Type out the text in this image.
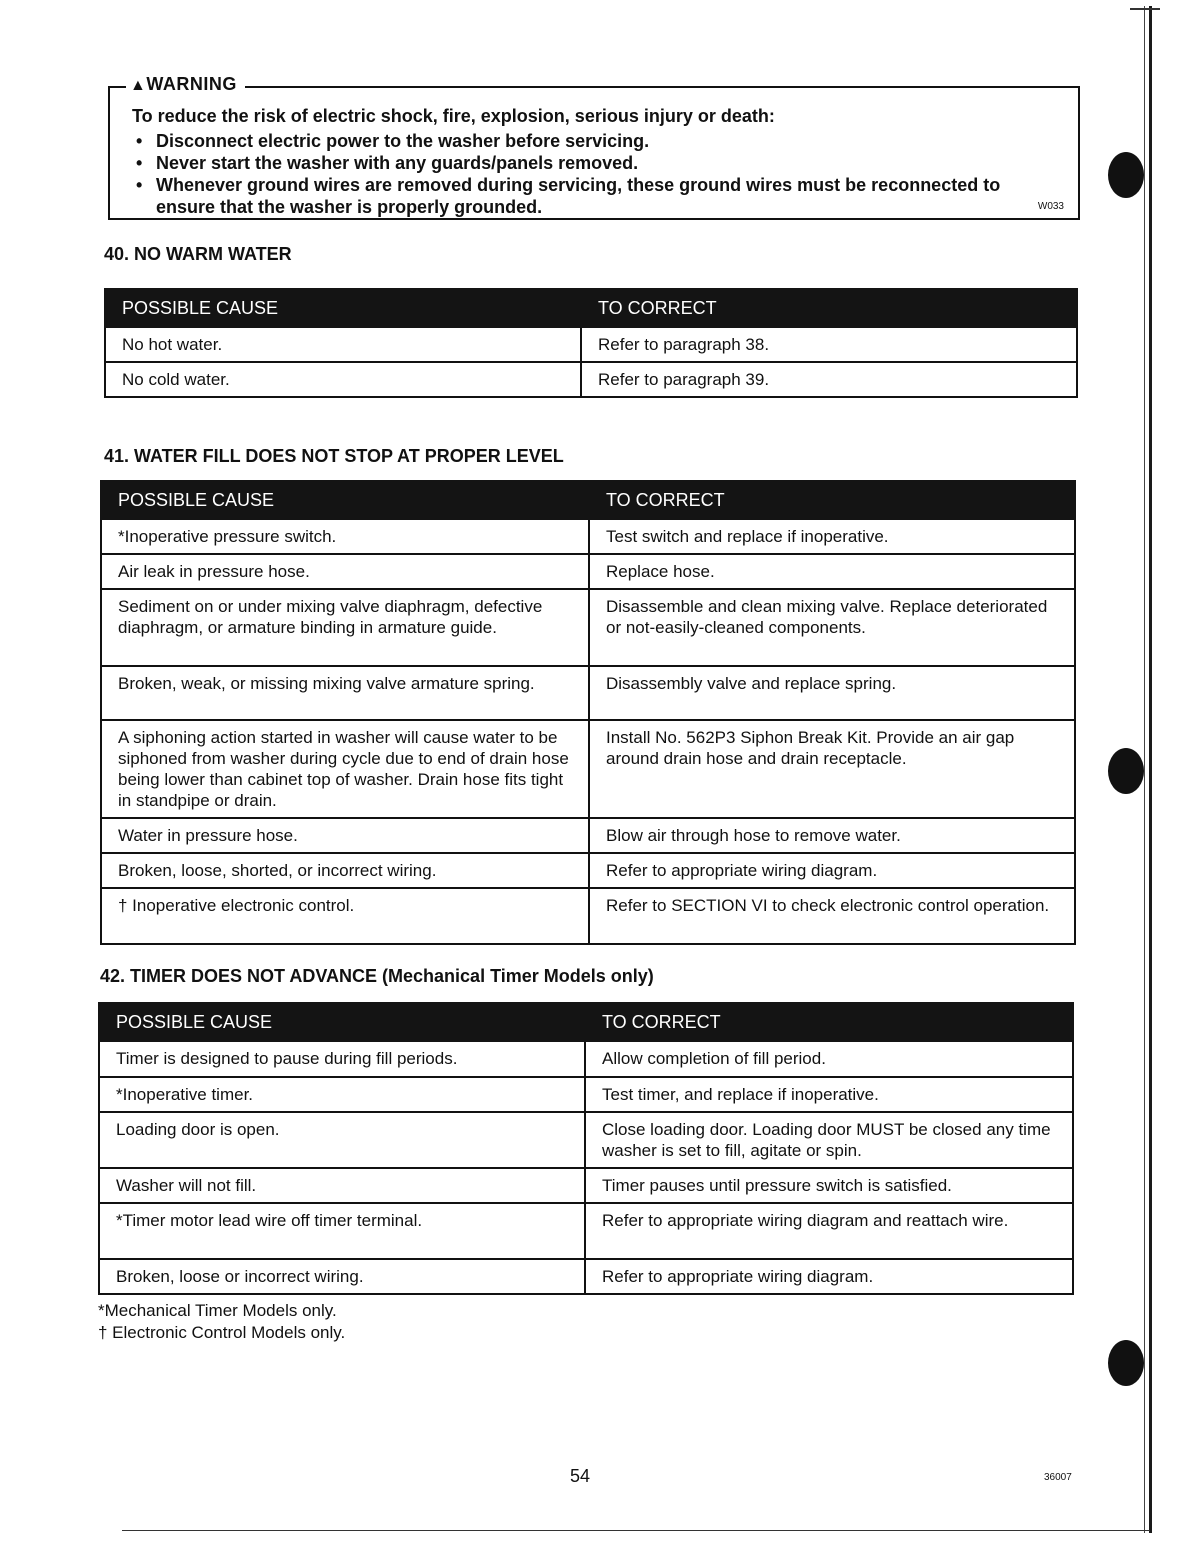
▲WARNING
To reduce the risk of electric shock, fire, explosion, serious injury or death:
• Disconnect electric power to the washer before servicing.
• Never start the washer with any guards/panels removed.
• Whenever ground wires are removed during servicing, these ground wires must be reconnected to ensure that the washer is properly grounded.	W033
40. NO WARM WATER
POSSIBLE CAUSE	TO CORRECT
No hot water.	Refer to paragraph 38.
No cold water.	Refer to paragraph 39.
41. WATER FILL DOES NOT STOP AT PROPER LEVEL
POSSIBLE CAUSE	TO CORRECT
*Inoperative pressure switch.	Test switch and replace if inoperative.
Air leak in pressure hose.	Replace hose.
Sediment on or under mixing valve diaphragm, defective diaphragm, or armature binding in armature guide.	Disassemble and clean mixing valve. Replace deteriorated or not-easily-cleaned components.
Broken, weak, or missing mixing valve armature spring.	Disassembly valve and replace spring.
A siphoning action started in washer will cause water to be siphoned from washer during cycle due to end of drain hose being lower than cabinet top of washer. Drain hose fits tight in standpipe or drain.	Install No. 562P3 Siphon Break Kit. Provide an air gap around drain hose and drain receptacle.
Water in pressure hose.	Blow air through hose to remove water.
Broken, loose, shorted, or incorrect wiring.	Refer to appropriate wiring diagram.
† Inoperative electronic control.	Refer to SECTION VI to check electronic control operation.
42. TIMER DOES NOT ADVANCE (Mechanical Timer Models only)
POSSIBLE CAUSE	TO CORRECT
Timer is designed to pause during fill periods.	Allow completion of fill period.
*Inoperative timer.	Test timer, and replace if inoperative.
Loading door is open.	Close loading door. Loading door MUST be closed any time washer is set to fill, agitate or spin.
Washer will not fill.	Timer pauses until pressure switch is satisfied.
*Timer motor lead wire off timer terminal.	Refer to appropriate wiring diagram and reattach wire.
Broken, loose or incorrect wiring.	Refer to appropriate wiring diagram.
*Mechanical Timer Models only.
† Electronic Control Models only.
54	36007
